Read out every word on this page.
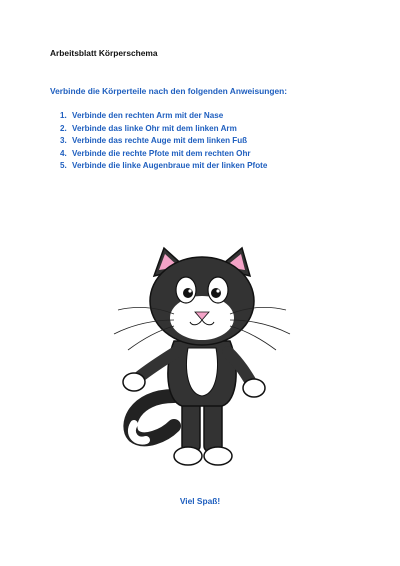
Arbeitsblatt Körperschema
Verbinde die Körperteile nach den folgenden Anweisungen:
1. Verbinde den rechten Arm mit der Nase
2. Verbinde das linke Ohr mit dem linken Arm
3. Verbinde das rechte Auge mit dem linken Fuß
4. Verbinde die rechte Pfote mit dem rechten Ohr
5. Verbinde die linke Augenbraue mit der linken Pfote
Viel Spaß!
